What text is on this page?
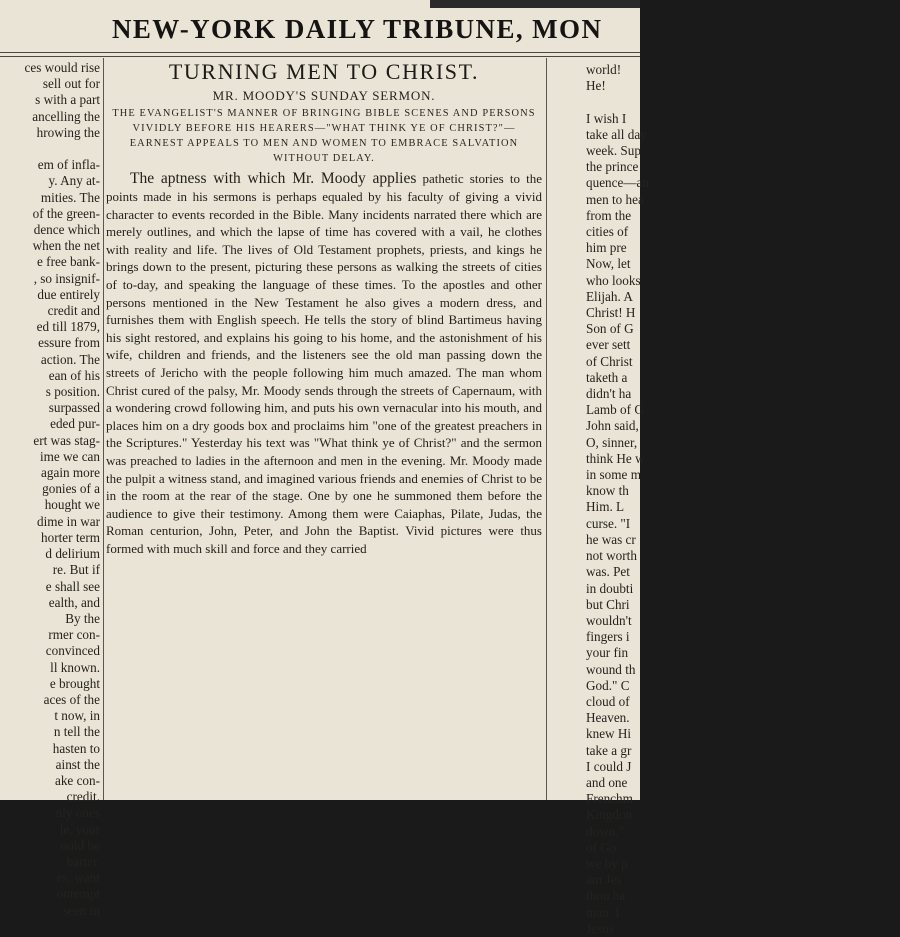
NEW-YORK DAILY TRIBUNE, MON
ces would rise
sell out for
s with a part
ancelling the
hrowing the

em of infla-
y. Any at-
mities. The
of the green-
dence which
when the net
e free bank-
, so insignif-
due entirely
credit and
ed till 1879,
essure from
action. The
ean of his
s position.
surpassed
eded pur-
ert was stag-
ime we can
again more
gonies of a
hought we
dime in war
horter term
d delirium
re. But if
e shall see
ealth, and
By the
rmer con-
convinced
ll known.
e brought
aces of the
t now, in
n tell the
hasten to
ainst the
ake con-
credit.
nly ones
le, your
ould be
barter.
es, want
ontempt
seen in
TURNING MEN TO CHRIST.
MR. MOODY'S SUNDAY SERMON.
THE EVANGELIST'S MANNER OF BRINGING BIBLE SCENES AND PERSONS VIVIDLY BEFORE HIS HEARERS—"WHAT THINK YE OF CHRIST?"—EARNEST APPEALS TO MEN AND WOMEN TO EMBRACE SALVATION WITHOUT DELAY.

The aptness with which Mr. Moody applies pathetic stories to the points made in his sermons is perhaps equaled by his faculty of giving a vivid character to events recorded in the Bible. Many incidents narrated there which are merely outlines, and which the lapse of time has covered with a vail, he clothes with reality and life. The lives of Old Testament prophets, priests, and kings he brings down to the present, picturing these persons as walking the streets of cities of to-day, and speaking the language of these times. To the apostles and other persons mentioned in the New Testament he also gives a modern dress, and furnishes them with English speech. He tells the story of blind Bartimeus having his sight restored, and explains his going to his home, and the astonishment of his wife, children and friends, and the listeners see the old man passing down the streets of Jericho with the people following him much amazed. The man whom Christ cured of the palsy, Mr. Moody sends through the streets of Capernaum, with a wondering crowd following him, and puts his own vernacular into his mouth, and places him on a dry goods box and proclaims him "one of the greatest preachers in the Scriptures." Yesterday his text was "What think ye of Christ?" and the sermon was preached to ladies in the afternoon and men in the evening. Mr. Moody made the pulpit a witness stand, and imagined various friends and enemies of Christ to be in the room at the rear of the stage. One by one he summoned them before the audience to give their testimony. Among them were Caiaphas, Pilate, Judas, the Roman centurion, John, Peter, and John the Baptist. Vivid pictures were thus formed with much skill and force and they carried

world!
He!

I wish I
take all day
week. Sup
the prince
quence—an
men to hea
from the
cities of
him pre
Now, let
who looks
Elijah. A
Christ! H
Son of G
ever sett
of Christ
taketh a
didn't ha
Lamb of G
John said,
O, sinner,
think He w
in some m
know th
Him. L
curse. "I
he was cr
not worth
was. Pet
in doubti
but Chri
wouldn't
fingers i
your fin
wound th
God." C
cloud of
Heaven.
knew Hi
take a gr
I could J
and one
Frenchm
Kingdon
down."
of Go
we by p
am Jes
thou ha
man. I
Jesus
